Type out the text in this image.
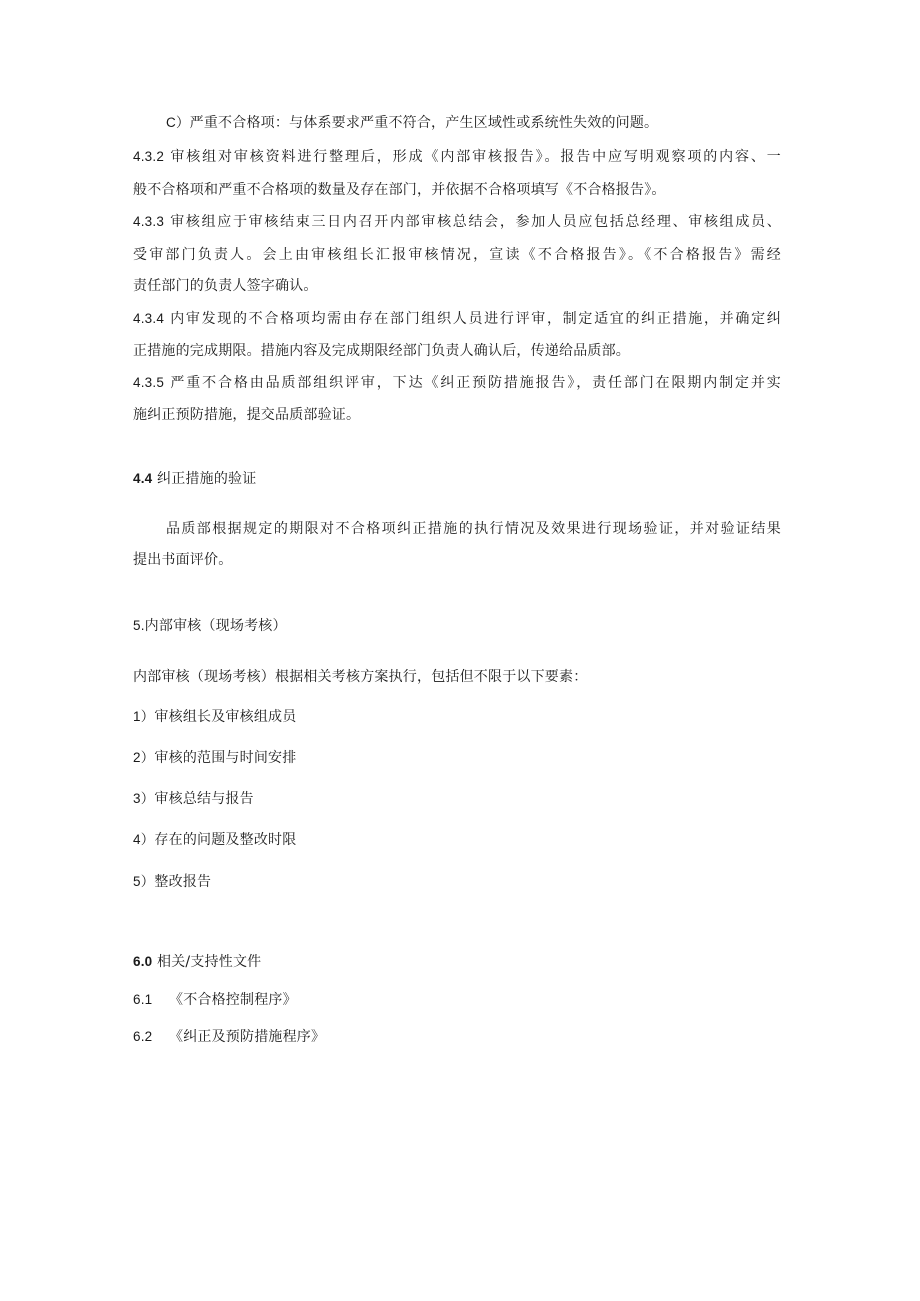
C）严重不合格项：与体系要求严重不符合，产生区域性或系统性失效的问题。
4.3.2 审核组对审核资料进行整理后，形成《内部审核报告》。报告中应写明观察项的内容、一
般不合格项和严重不合格项的数量及存在部门，并依据不合格项填写《不合格报告》。
4.3.3 审核组应于审核结束三日内召开内部审核总结会，参加人员应包括总经理、审核组成员、
受审部门负责人。会上由审核组长汇报审核情况，宣读《不合格报告》。《不合格报告》需经
责任部门的负责人签字确认。
4.3.4 内审发现的不合格项均需由存在部门组织人员进行评审，制定适宜的纠正措施，并确定纠
正措施的完成期限。措施内容及完成期限经部门负责人确认后，传递给品质部。
4.3.5 严重不合格由品质部组织评审，下达《纠正预防措施报告》，责任部门在限期内制定并实
施纠正预防措施，提交品质部验证。
4.4 纠正措施的验证
品质部根据规定的期限对不合格项纠正措施的执行情况及效果进行现场验证，并对验证结果
提出书面评价。
5.内部审核（现场考核）
内部审核（现场考核）根据相关考核方案执行，包括但不限于以下要素：
1）审核组长及审核组成员
2）审核的范围与时间安排
3）审核总结与报告
4）存在的问题及整改时限
5）整改报告
6.0 相关/支持性文件
6.1 《不合格控制程序》
6.2 《纠正及预防措施程序》
